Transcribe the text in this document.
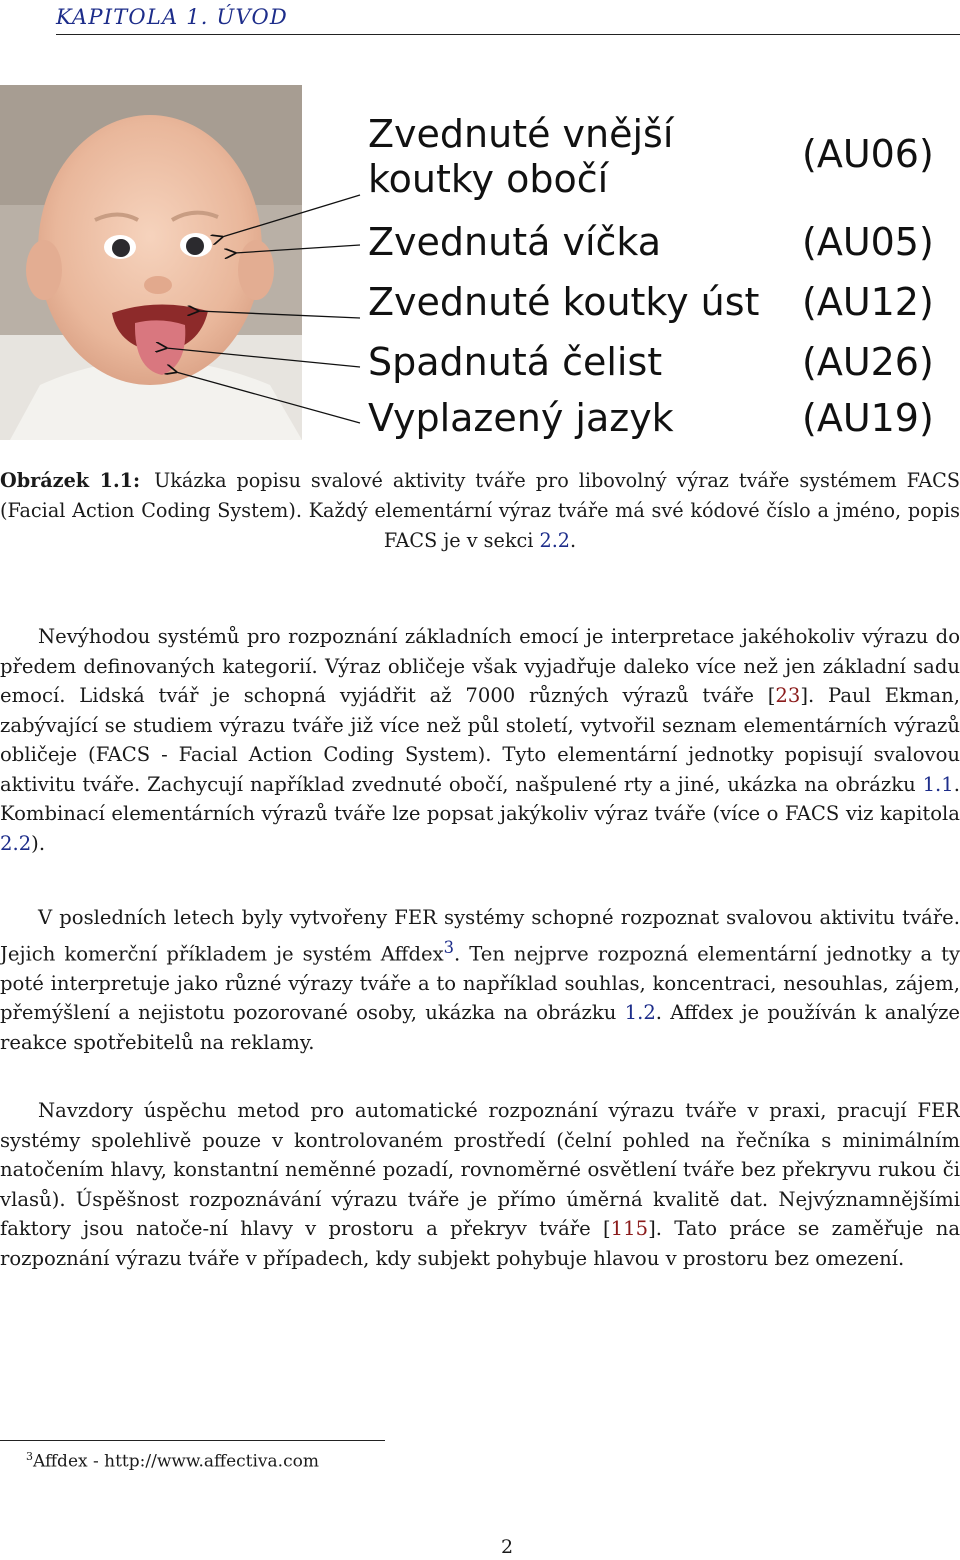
KAPITOLA 1. ÚVOD
Zvednuté vnější
koutky obočí
Zvednutá víčka
Zvednuté koutky úst
Spadnutá čelist
Vyplazený jazyk
(AU06)
(AU05)
(AU12)
(AU26)
(AU19)
Obrázek 1.1: Ukázka popisu svalové aktivity tváře pro libovolný výraz tváře systémem FACS (Facial Action Coding System). Každý elementární výraz tváře má své kódové číslo a jméno, popis FACS je v sekci 2.2.
Nevýhodou systémů pro rozpoznání základních emocí je interpretace jakéhokoliv výrazu do předem definovaných kategorií. Výraz obličeje však vyjadřuje daleko více než jen základní sadu emocí. Lidská tvář je schopná vyjádřit až 7000 různých výrazů tváře [23]. Paul Ekman, zabývající se studiem výrazu tváře již více než půl století, vytvořil seznam elementárních výrazů obličeje (FACS - Facial Action Coding System). Tyto elementární jednotky popisují svalovou aktivitu tváře. Zachycují například zvednuté obočí, našpulené rty a jiné, ukázka na obrázku 1.1. Kombinací elementárních výrazů tváře lze popsat jakýkoliv výraz tváře (více o FACS viz kapitola 2.2).
V posledních letech byly vytvořeny FER systémy schopné rozpoznat svalovou aktivitu tváře. Jejich komerční příkladem je systém Affdex$^3$. Ten nejprve rozpozná elementární jednotky a ty poté interpretuje jako různé výrazy tváře a to například souhlas, koncentraci, nesouhlas, zájem, přemýšlení a nejistotu pozorované osoby, ukázka na obrázku 1.2. Affdex je používán k analýze reakce spotřebitelů na reklamy.
Navzdory úspěchu metod pro automatické rozpoznání výrazu tváře v praxi, pracují FER systémy spolehlivě pouze v kontrolovaném prostředí (čelní pohled na řečníka s minimálním natočením hlavy, konstantní neměnné pozadí, rovnoměrné osvětlení tváře bez překryvu rukou či vlasů). Úspěšnost rozpoznávání výrazu tváře je přímo úměrná kvalitě dat. Nejvýznamnějšími faktory jsou natoče-ní hlavy v prostoru a překryv tváře [115]. Tato práce se zaměřuje na rozpoznání výrazu tváře v případech, kdy subjekt pohybuje hlavou v prostoru bez omezení.
$^3$Affdex - http://www.affectiva.com
2
